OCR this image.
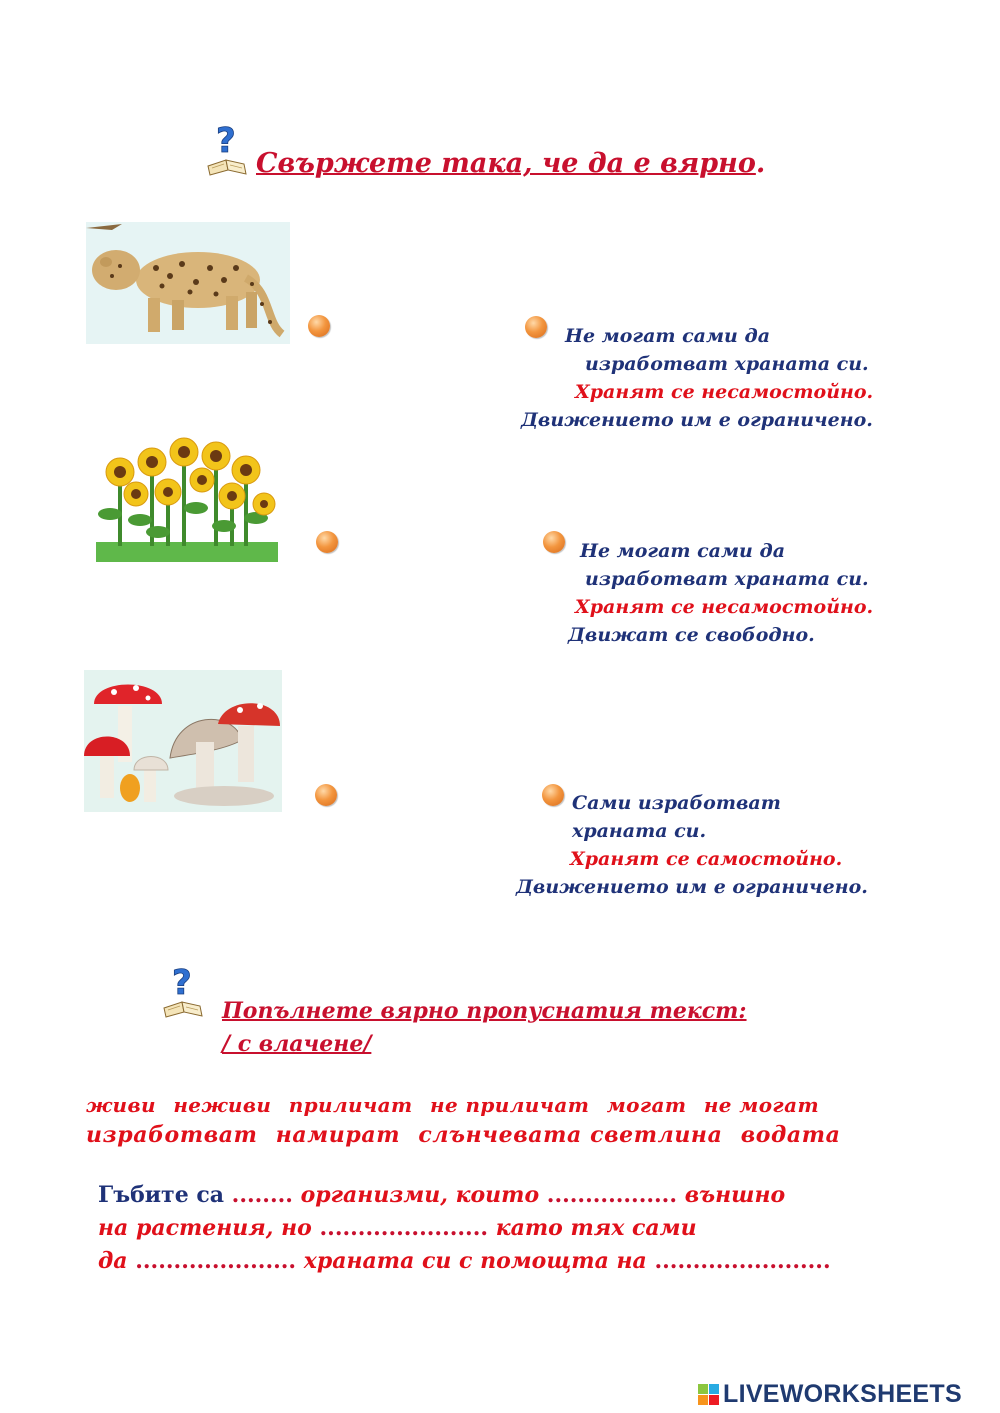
?
Свържете така, че да е вярно.
Не могат сами да
изработват храната си.
Хранят се несамостойно.
Движението им е ограничено.
Не могат сами да
изработват храната си.
Хранят се несамостойно.
Движат се свободно.
Сами изработват
храната си.
Хранят се самостойно.
Движението им е ограничено.
?
Попълнете вярно пропуснатия текст:
/ с влачене/
живи неживи приличат не приличат могат не могат
изработват намират слънчевата светлина водата
Гъбите са ........ организми, които ................. външно
на растения, но ...................... като тях сами
да ..................... храната си с помощта на .......................
LIVEWORKSHEETS
